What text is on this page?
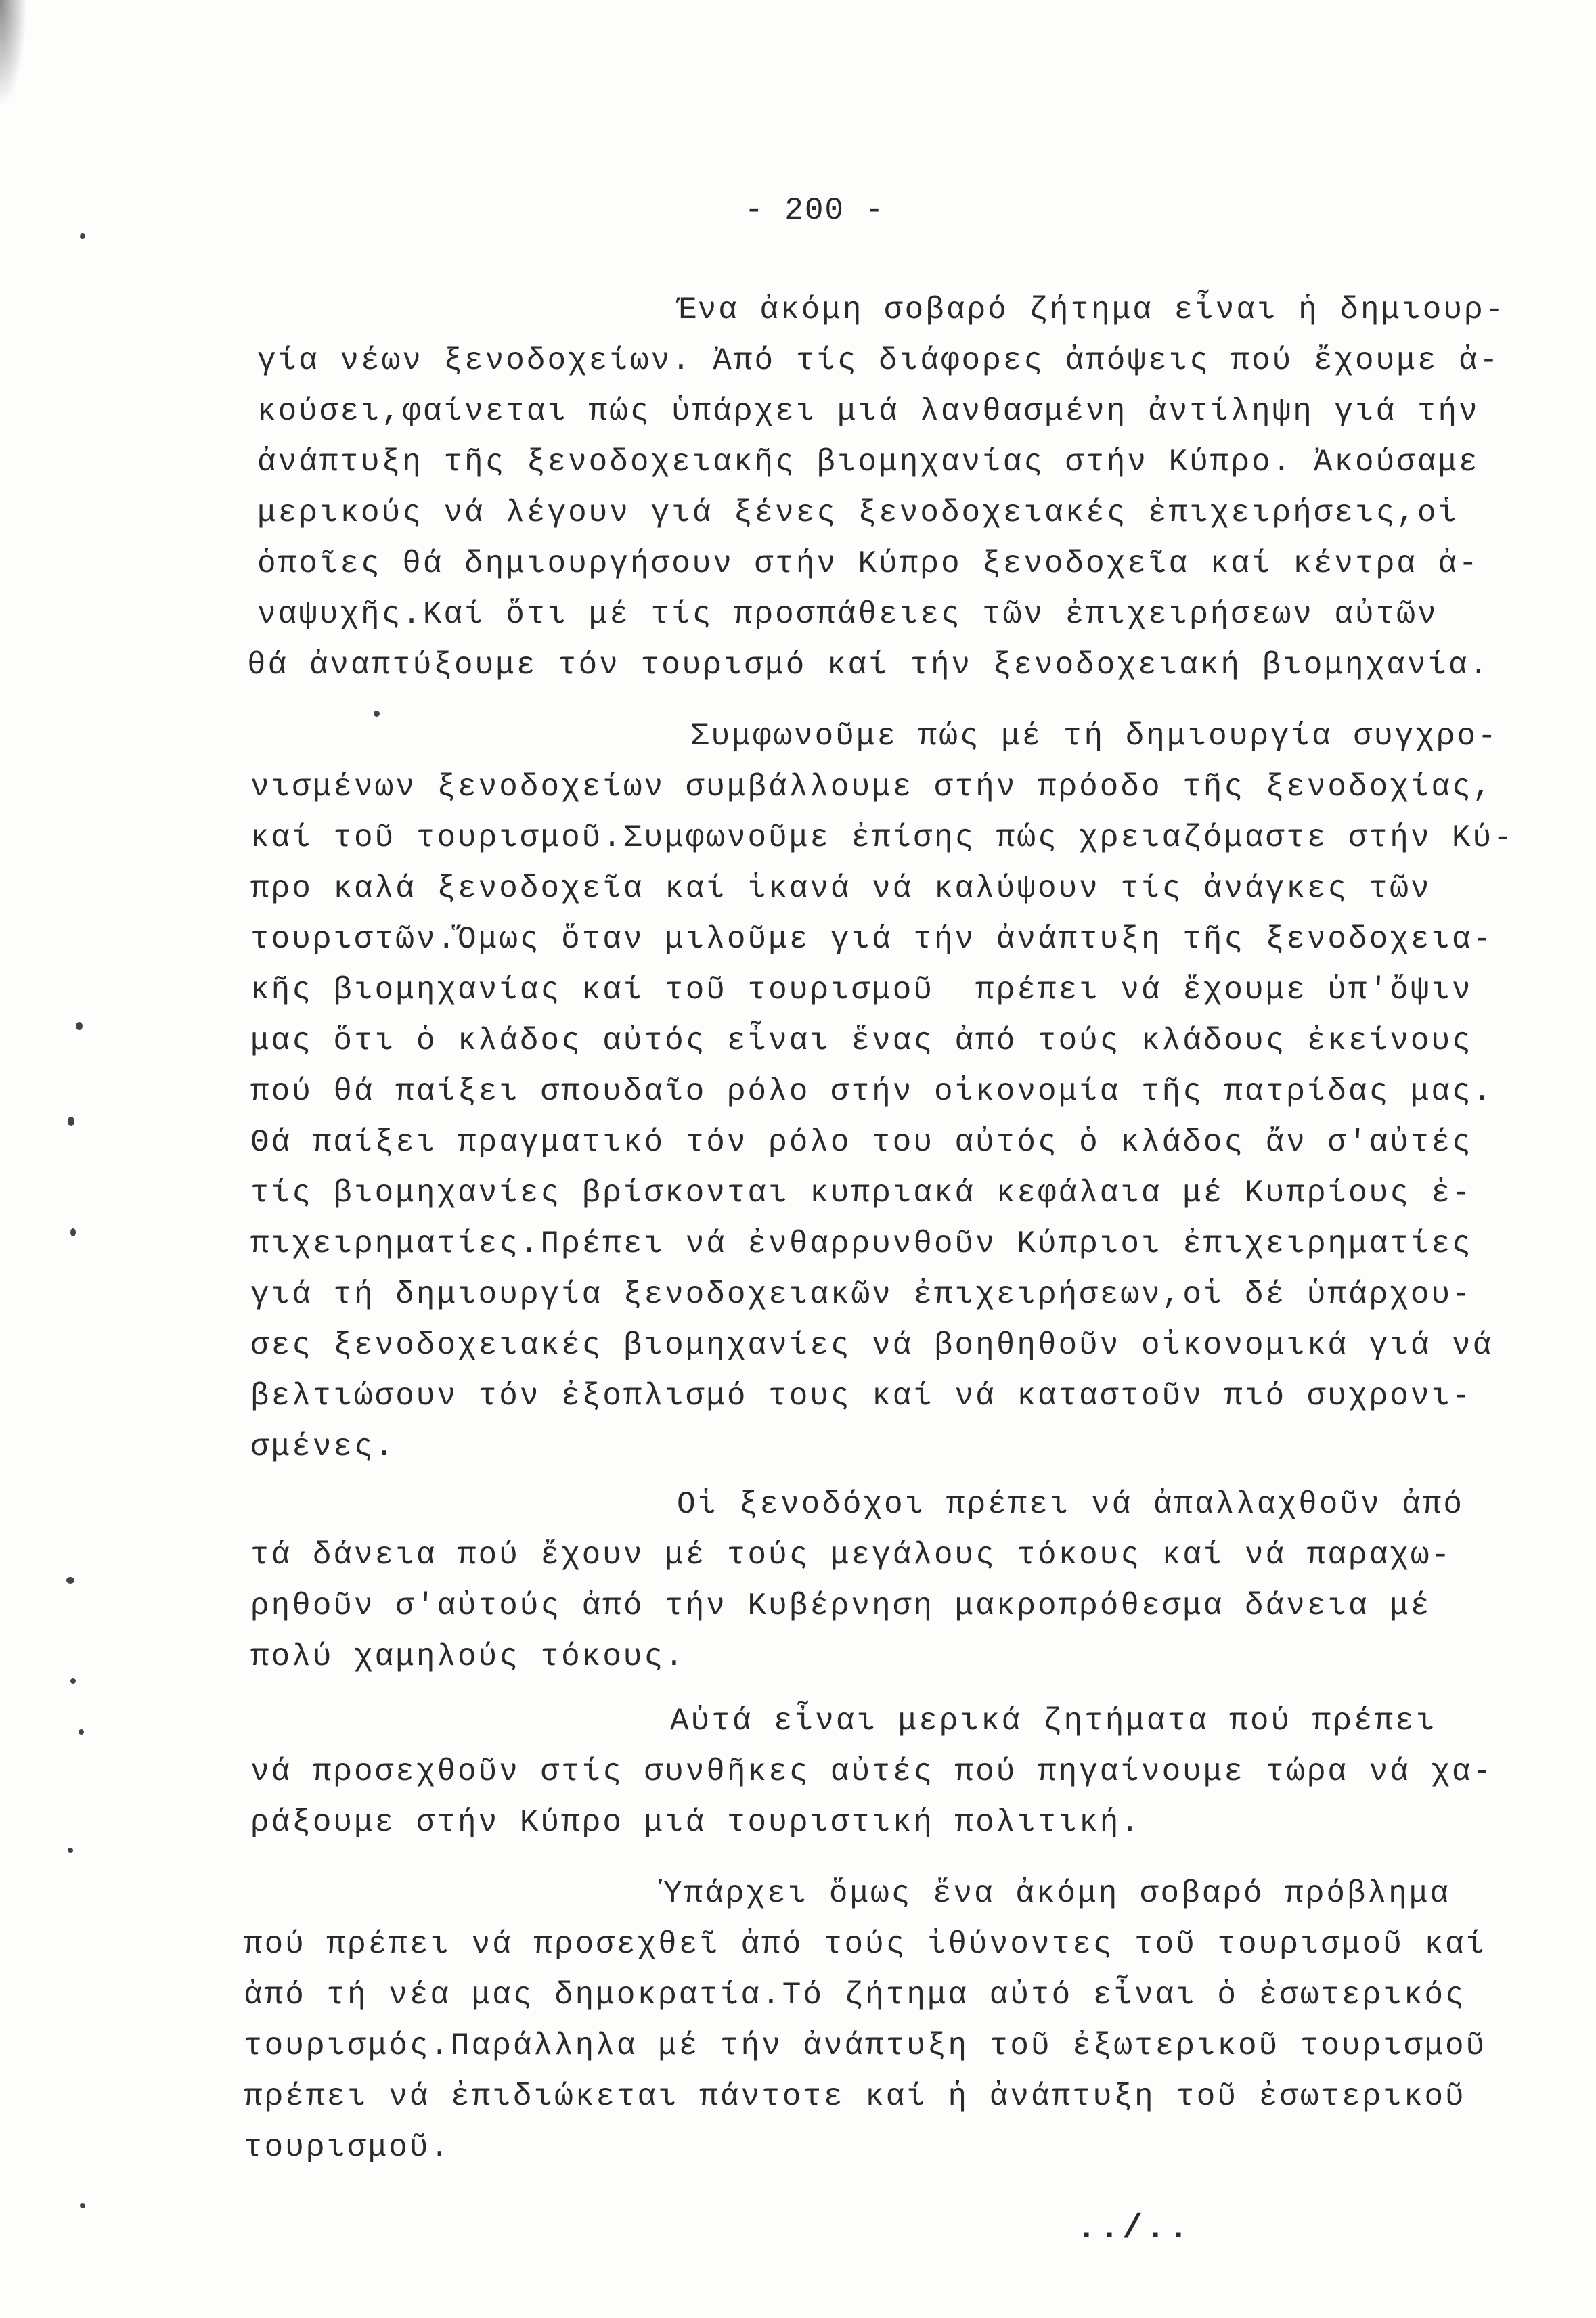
- 200 -
Ένα ἀκόμη σοβαρό ζήτημα εἶναι ἡ δημιουρ-
γία νέων ξενοδοχείων. Ἀπό τίς διάφορες ἀπόψεις πού ἔχουμε ἀ-
κούσει,φαίνεται πώς ὑπάρχει μιά λανθασμένη ἀντίληψη γιά τήν
ἀνάπτυξη τῆς ξενοδοχειακῆς βιομηχανίας στήν Κύπρο. Ἀκούσαμε
μερικούς νά λέγουν γιά ξένες ξενοδοχειακές ἐπιχειρήσεις,οἱ
ὁποῖες θά δημιουργήσουν στήν Κύπρο ξενοδοχεῖα καί κέντρα ἀ-
ναψυχῆς.Καί ὅτι μέ τίς προσπάθειες τῶν ἐπιχειρήσεων αὐτῶν
θά ἀναπτύξουμε τόν τουρισμό καί τήν ξενοδοχειακή βιομηχανία.
Συμφωνοῦμε πώς μέ τή δημιουργία συγχρο-
νισμένων ξενοδοχείων συμβάλλουμε στήν πρόοδο τῆς ξενοδοχίας,
καί τοῦ τουρισμοῦ.Συμφωνοῦμε ἐπίσης πώς χρειαζόμαστε στήν Κύ-
προ καλά ξενοδοχεῖα καί ἱκανά νά καλύψουν τίς ἀνάγκες τῶν
τουριστῶν.Ὅμως ὅταν μιλοῦμε γιά τήν ἀνάπτυξη τῆς ξενοδοχεια-
κῆς βιομηχανίας καί τοῦ τουρισμοῦ  πρέπει νά ἔχουμε ὑπ'ὄψιν
μας ὅτι ὁ κλάδος αὐτός εἶναι ἕνας ἀπό τούς κλάδους ἐκείνους
πού θά παίξει σπουδαῖο ρόλο στήν οἰκονομία τῆς πατρίδας μας.
Θά παίξει πραγματικό τόν ρόλο του αὐτός ὁ κλάδος ἄν σ'αὐτές
τίς βιομηχανίες βρίσκονται κυπριακά κεφάλαια μέ Κυπρίους ἐ-
πιχειρηματίες.Πρέπει νά ἐνθαρρυνθοῦν Κύπριοι ἐπιχειρηματίες
γιά τή δημιουργία ξενοδοχειακῶν ἐπιχειρήσεων,οἱ δέ ὑπάρχου-
σες ξενοδοχειακές βιομηχανίες νά βοηθηθοῦν οἰκονομικά γιά νά
βελτιώσουν τόν ἐξοπλισμό τους καί νά καταστοῦν πιό συχρονι-
σμένες.
Οἱ ξενοδόχοι πρέπει νά ἀπαλλαχθοῦν ἀπό
τά δάνεια πού ἔχουν μέ τούς μεγάλους τόκους καί νά παραχω-
ρηθοῦν σ'αὐτούς ἀπό τήν Κυβέρνηση μακροπρόθεσμα δάνεια μέ
πολύ χαμηλούς τόκους.
Αὐτά εἶναι μερικά ζητήματα πού πρέπει
νά προσεχθοῦν στίς συνθῆκες αὐτές πού πηγαίνουμε τώρα νά χα-
ράξουμε στήν Κύπρο μιά τουριστική πολιτική.
Ὑπάρχει ὅμως ἕνα ἀκόμη σοβαρό πρόβλημα
πού πρέπει νά προσεχθεῖ ἀπό τούς ἰθύνοντες τοῦ τουρισμοῦ καί
ἀπό τή νέα μας δημοκρατία.Τό ζήτημα αὐτό εἶναι ὁ ἐσωτερικός
τουρισμός.Παράλληλα μέ τήν ἀνάπτυξη τοῦ ἐξωτερικοῦ τουρισμοῦ
πρέπει νά ἐπιδιώκεται πάντοτε καί ἡ ἀνάπτυξη τοῦ ἐσωτερικοῦ
τουρισμοῦ.
../..
